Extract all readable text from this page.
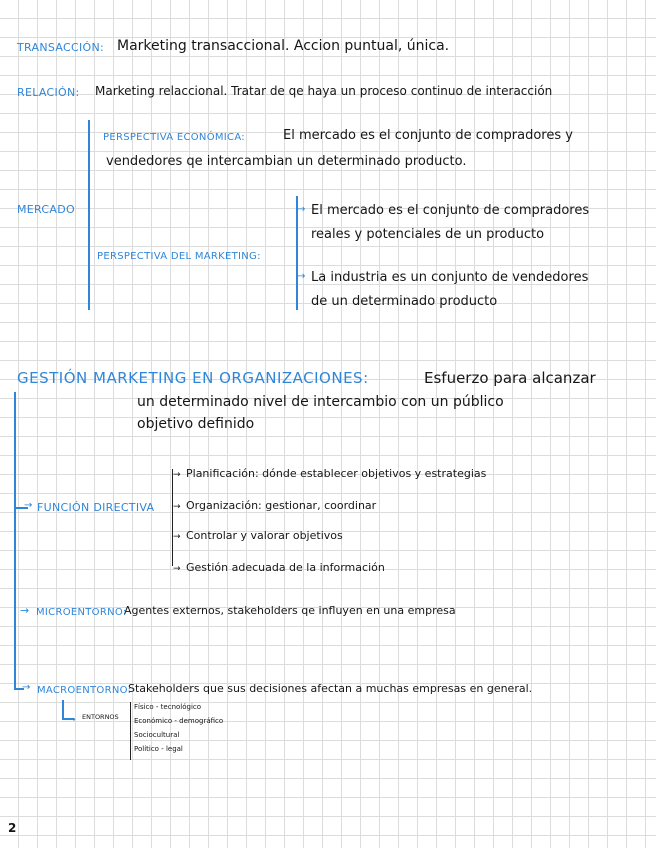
TRANSACCIÓN: Marketing transaccional. Accion puntual, única.
RELACIÓN: Marketing relaccional. Tratar de qe haya un proceso continuo de interacción
MERCADO
PERSPECTIVA ECONÓMICA:	El mercado es el conjunto de compradores y
vendedores qe intercambian un determinado producto.
PERSPECTIVA DEL MARKETING:
→ El mercado es el conjunto de compradores
reales y potenciales de un producto
→ La industria es un conjunto de vendedores
de un determinado producto
GESTIÓN MARKETING EN ORGANIZACIONES:	Esfuerzo para alcanzar
un determinado nivel de intercambio con un público
objetivo definido
→ FUNCIÓN DIRECTIVA
→ Planificación: dónde establecer objetivos y estrategias
→ Organización: gestionar, coordinar
→ Controlar y valorar objetivos
→ Gestión adecuada de la información
→ MICROENTORNO:
Agentes externos, stakeholders qe influyen en una empresa
→ MACROENTORNO:
Stakeholders que sus decisiones afectan a muchas empresas en general.
→ ENTORNOS
Físico - tecnológico
Económico - demográfico
Sociocultural
Político - legal
2
